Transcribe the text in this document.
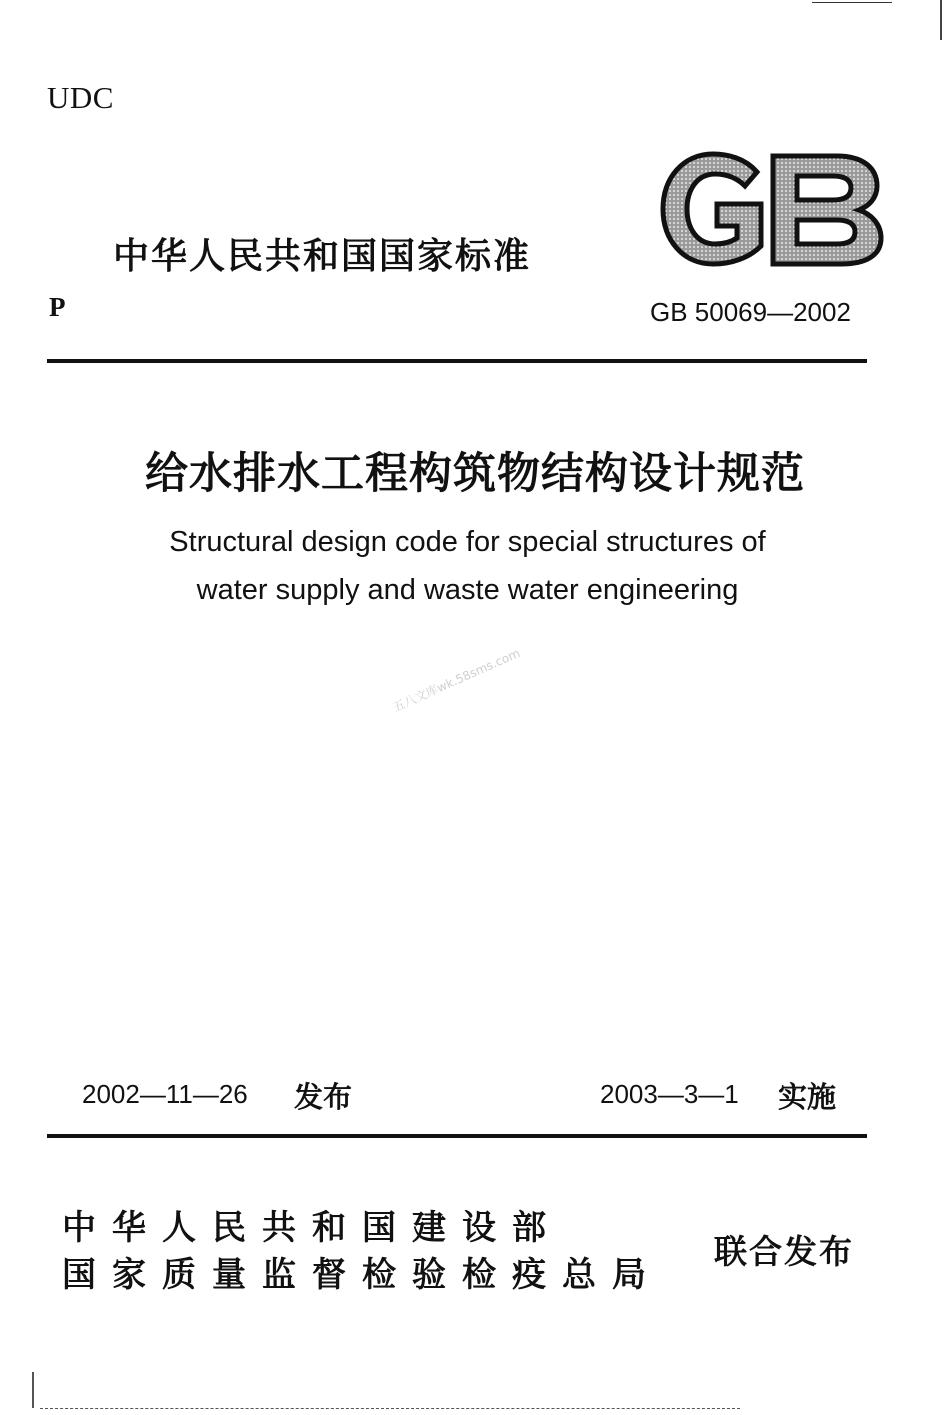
UDC
中华人民共和国国家标准
P	GB 50069—2002
给水排水工程构筑物结构设计规范
Structural design code for special structures of
water supply and waste water engineering
五八文库wk.58sms.com
2002—11—26 发布	2003—3—1 实施
中华人民共和国建设部
国家质量监督检验检疫总局
联合发布
